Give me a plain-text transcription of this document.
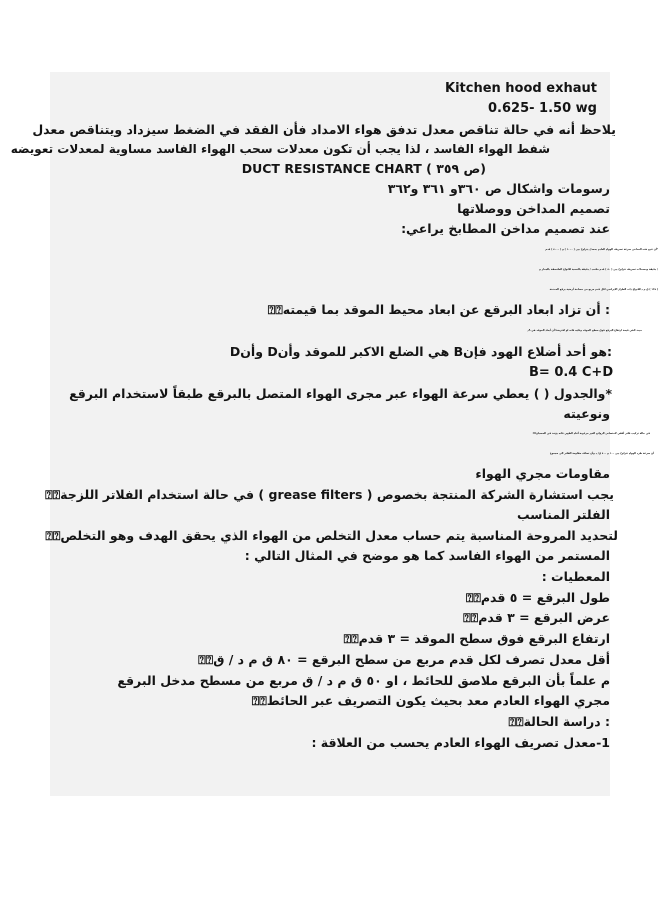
Kitchen hood exhaut
0.625- 1.50 wg
يلاحظ أنه في حالة تناقص معدل تدفق هواء الامداد فأن الفقد في الضغط سيزداد ويتناقص معدل
شفط الهواء الفاسد ، لذا يجب أن تكون معدلات سحب الهواء الفاسد مساوية لمعدلات تعويضه
DUCT RESISTANCE CHART ( ص ٣٥٩)
رسومات واشكال ص ٣٦٠و ٣٦١ و٣٦٢
تصميم المداخن ووصلاتها
عند تصميم مداخن المطابخ يراعي:
*أن تتيح هذه المداخن سرعة تصريف الهواء العادم بمعدل يتراوح بين ( ١٠٠٠ ) و ( ٤٠٠٠ ) قدم
/ دقيقة وبمعدلات تصريف تتراوح بين ( ٨٠ ) قدم مكعب / دقيقة بالنسبة للانواع الملتصقة بالجدار و
( ١٢٥ ) ق م د للانواع ذات الطراز الايرلندي لكل قدم مربع من مساحة أرضية برقع المدخنة
⍰⍰أن تزاد ابعاد البرقع عن ابعاد محيط الموقد بما قيمته :
حيث Cهي قيمة ارتفاع البرقع فوق سطح الموقد وعليه فانه لو افترضنا أن أبعاد الموقد هي A,
Dوأن Dهي الضلع الاكبر للموقد وأن Bهو أحد أضلاع الهود فإن:
B= 0.4 C+D
*والجدول ( ) يعطي سرعة الهواء عبر مجرى الهواء المتصل بالبرقع طبقاً لاستخدام البرقع
ونوعيته
⍰⍰في حالة تركيب فلتر أفقي لامتصاص الروائح الغير مرغوبة أثناء الطهي فانه يؤخذ في الحسبان
أن سرعة طرد الهواء تتراوح بين ١٠٠ و ٤٠٠ ق/ د وأن تضاف مقاومة الفلتر الى مجموع
مقاومات مجري الهواء
⍰⍰في حالة استخدام الفلاتر اللزجة ( grease filters ) يجب استشارة الشركة المنتجة بخصوص
الفلتر المناسب
⍰⍰لتحديد المروحة المناسبة يتم حساب معدل التخلص من الهواء الذي يحقق الهدف وهو التخلص
المستمر من الهواء الفاسد كما هو موضح في المثال التالي :
المعطيات :
⍰⍰طول البرقع = ٥ قدم
⍰⍰عرض البرقع = ٣ قدم
⍰⍰ارتفاع البرقع فوق سطح الموقد = ٣ قدم
⍰⍰أقل معدل تصرف لكل قدم مربع من سطح البرقع = ٨٠ ق م د / ق
م علماً بأن البرقع ملاصق للحائط ، او ٥٠ ق م د / ق مربع من مسطح مدخل البرقع
⍰⍰مجري الهواء العادم معد بحيث يكون التصريف عبر الحائط
⍰⍰دراسة الحالة :
1-معدل تصريف الهواء العادم يحسب من العلاقة :
